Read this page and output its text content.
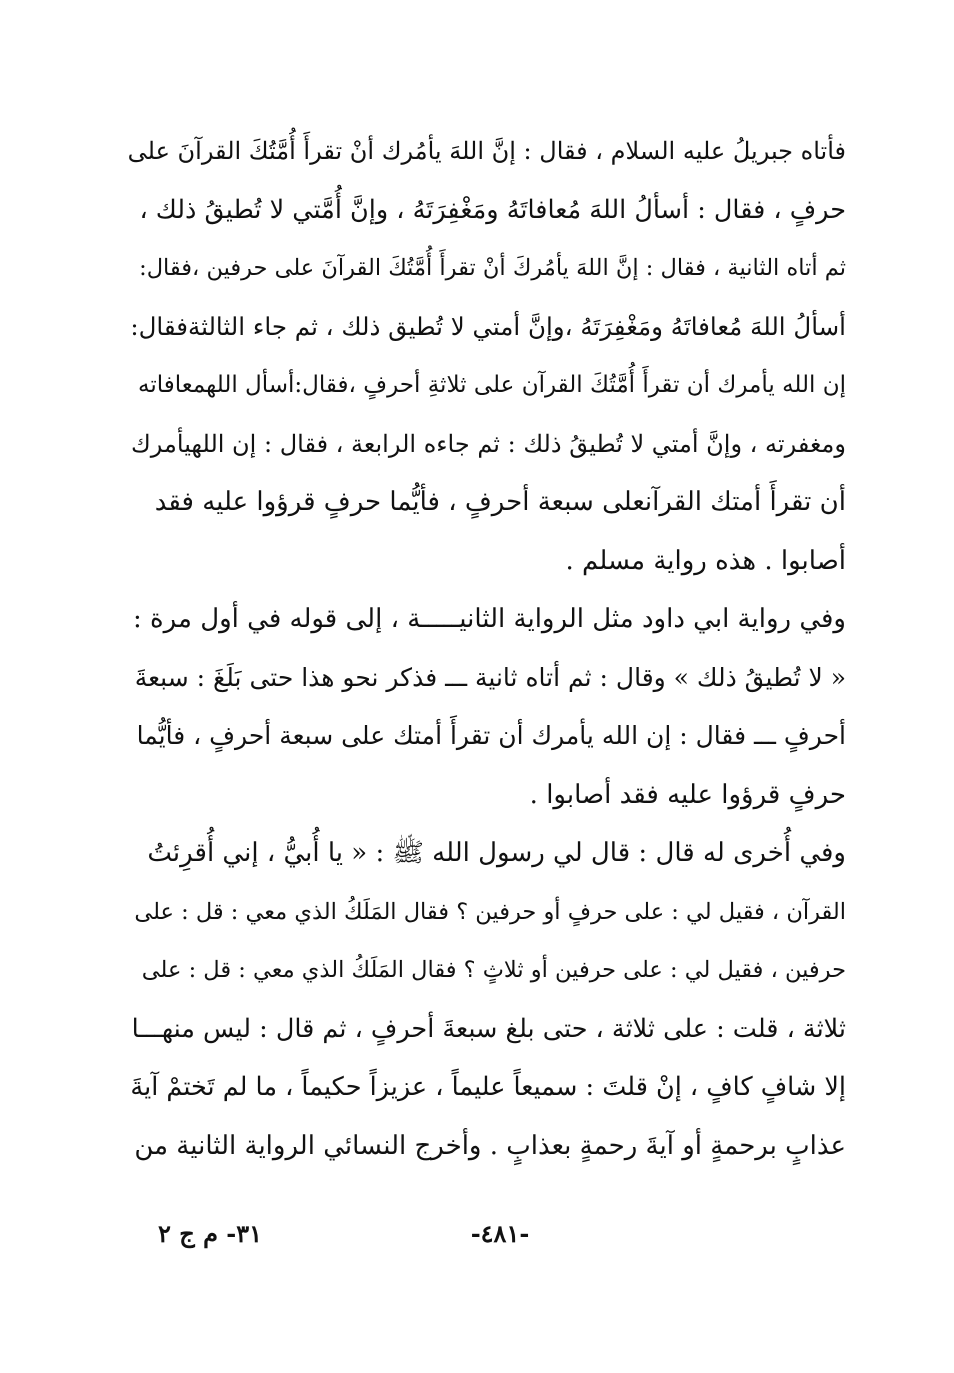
فأتاه جبريلُ عليه السلام ، فقال : إنَّ اللهَ يأمُرك أنْ تقرأَ أُمَّتُكَ القرآنَ على
حرفٍ ، فقال : أسألُ اللهَ مُعافاتَهُ ومَغْفِرَتَهُ ، وإنَّ أُمَّتي لا تُطيقُ ذلك ،
ثم أتاه الثانية ، فقال : إنَّ اللهَ يأمُركَ أنْ تقرأَ أُمَّتُكَ القرآنَ على حرفين ،فقال:
أسألُ اللهَ مُعافاتَهُ ومَغْفِرَتَهُ ،وإنَّ أمتي لا تُطيق ذلك ، ثم جاء الثالثةفقال:
إن الله يأمرك أن تقرأَ أُمَّتُكَ القرآن على ثلاثةِ أحرفٍ ،فقال:أسأل اللهمعافاته
ومغفرته ، وإنَّ أمتي لا تُطيقُ ذلك : ثم جاءه الرابعة ، فقال : إن اللهيأمرك
أن تقرأَ أمتك القرآنعلى سبعة أحرفٍ ، فأيُّما حرفٍ قرؤوا عليه فقد
أصابوا . هذه رواية مسلم .
وفي رواية ابي داود مثل الرواية الثانيـــــة ، إلى قوله في أول مرة :
« لا تُطيقُ ذلك » وقال : ثم أتاه ثانية ـــ فذكر نحو هذا حتى بَلَغَ : سبعةَ
أحرفٍ ـــ فقال : إن الله يأمرك أن تقرأَ أمتك على سبعة أحرفٍ ، فأيُّما
حرفٍ قرؤوا عليه فقد أصابوا .
وفي أُخرى له قال : قال لي رسول الله ﷺ : « يا أُبيُّ ، إني أُقرِئتُ
القرآن ، فقيل لي : على حرفٍ أو حرفين ؟ فقال المَلَكُ الذي معي : قل : على
حرفين ، فقيل لي : على حرفين أو ثلاثٍ ؟ فقال المَلَكُ الذي معي : قل : على
ثلاثة ، قلت : على ثلاثة ، حتى بلغ سبعةَ أحرفٍ ، ثم قال : ليس منهـــا
إلا شافٍ كافٍ ، إنْ قلتَ : سميعاً عليماً ، عزيزاً حكيماً ، ما لم تَختمْ آيةَ
عذابٍ برحمةٍ أو آيةَ رحمةٍ بعذابٍ . وأخرج النسائي الرواية الثانية من
٣١- م ج ٢	-٤٨١-
